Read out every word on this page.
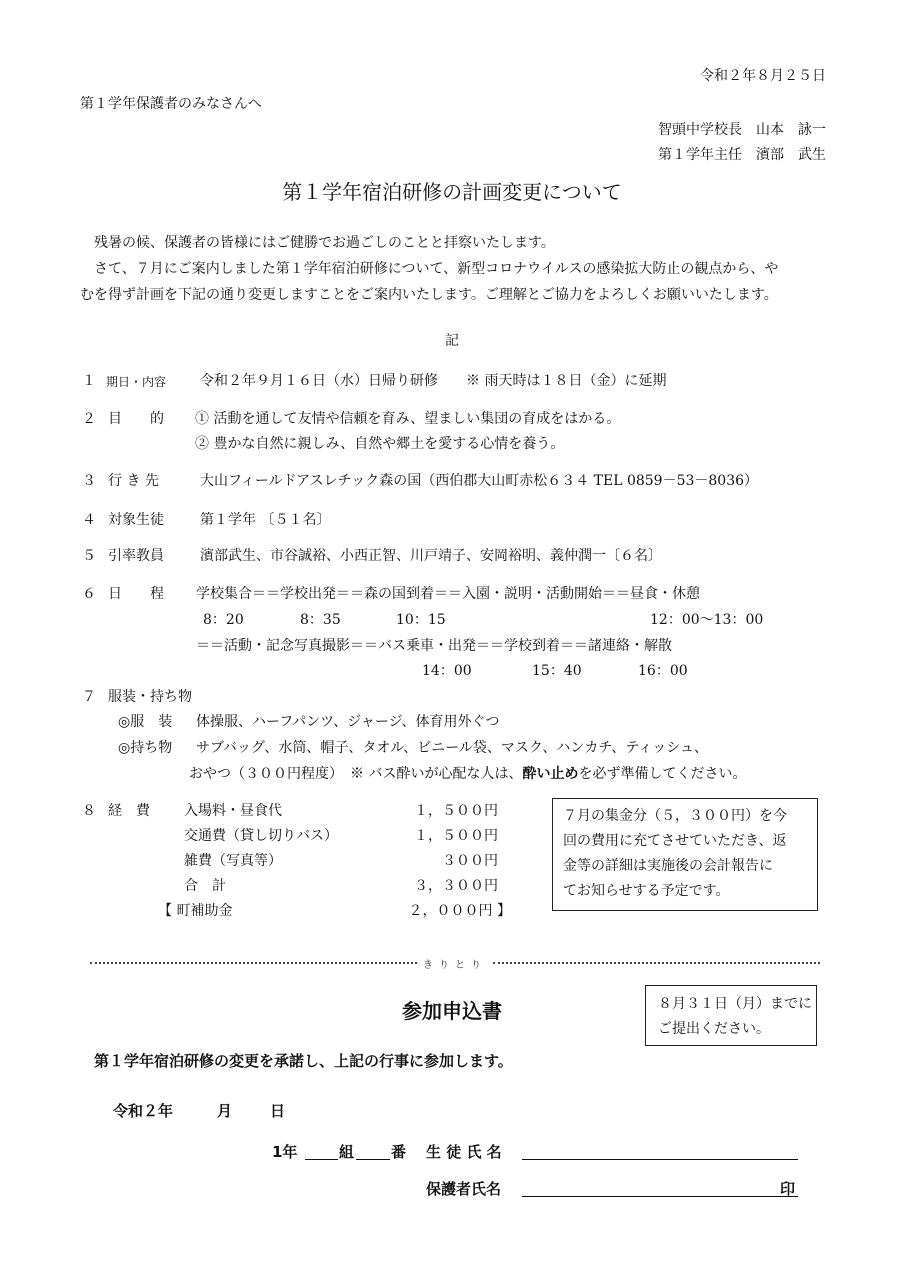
令和２年８月２５日
第１学年保護者のみなさんへ
智頭中学校長　山本　詠一
第１学年主任　濱部　武生
第１学年宿泊研修の計画変更について
残暑の候、保護者の皆様にはご健勝でお過ごしのことと拝察いたします。
さて、７月にご案内しました第１学年宿泊研修について、新型コロナウイルスの感染拡大防止の観点から、や
むを得ず計画を下記の通り変更しますことをご案内いたします。ご理解とご協力をよろしくお願いいたします。
記
１ 期日・内容 令和２年９月１６日（水）日帰り研修　　※ 雨天時は１８日（金）に延期
２ 目　　的 ① 活動を通して友情や信頼を育み、望ましい集団の育成をはかる。
② 豊かな自然に親しみ、自然や郷土を愛する心情を養う。
３ 行 き 先	大山フィールドアスレチック森の国（西伯郡大山町赤松６３４ TEL 0859－53－8036）
４ 対象生徒	第１学年 〔５１名〕
５ 引率教員	濱部武生、市谷誠裕、小西正智、川戸靖子、安岡裕明、義仲潤一〔６名〕
６ 日　　程 学校集合＝＝学校出発＝＝森の国到着＝＝入園・説明・活動開始＝＝昼食・休憩
8：20	8：35	10：15	12：00～13：00
＝＝活動・記念写真撮影＝＝バス乗車・出発＝＝学校到着＝＝諸連絡・解散
14：00	15：40	16：00
７ 服装・持ち物
◎服　装 体操服、ハーフパンツ、ジャージ、体育用外ぐつ
◎持ち物 サブバッグ、水筒、帽子、タオル、ビニール袋、マスク、ハンカチ、ティッシュ、
おやつ（３００円程度）　※ バス酔いが心配な人は、酔い止めを必ず準備してください。
８ 経　費 入場料・昼食代	１，５００円
交通費（貸し切りバス）	１，５００円
雑費（写真等）	３００円
合　計	３，３００円
【 町補助金	２，０００円 】
７月の集金分（５，３００円）を今
回の費用に充てさせていただき、返
金等の詳細は実施後の会計報告に
てお知らせする予定です。
きりとり
参加申込書	８月３１日（月）までに
ご提出ください。
第１学年宿泊研修の変更を承諾し、上記の行事に参加します。
令和２年	月	日
1年	組 番 生 徒 氏 名
保護者氏名	印
